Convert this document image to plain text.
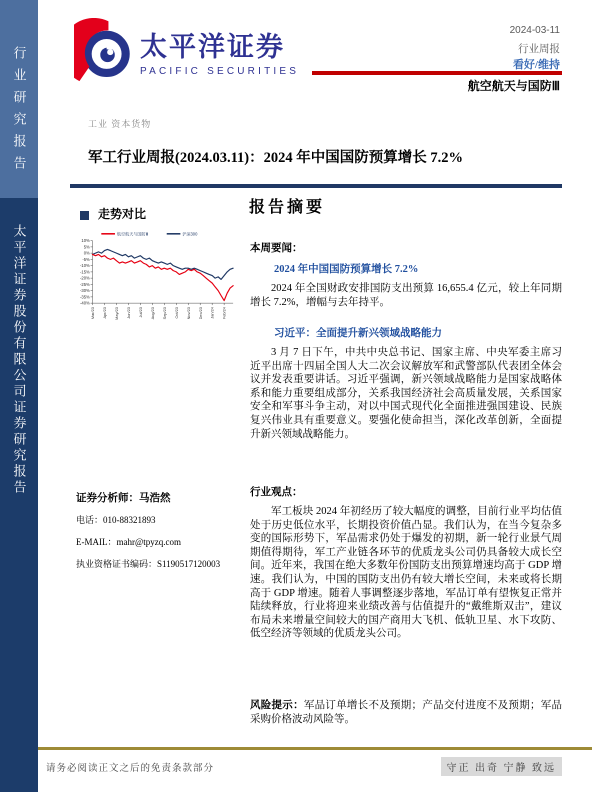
行业研究报告
太平洋证券股份有限公司证券研究报告
太平洋证券
PACIFIC SECURITIES
2024-03-11
行业周报
看好/维持
航空航天与国防Ⅲ
工业 资本货物
军工行业周报(2024.03.11)：2024 年中国国防预算增长 7.2%
走势对比
10%
5%
0%
-5%
-10%
-15%
-20%
-25%
-30%
-35%
-40%
Mar/23 Apr/23 May/23 Jun/23 Jul/23 Aug/23 Sep/23 Oct/23 Nov/23 Dec/23 Jan/24 Feb/24
航空航天与国防Ⅲ	沪深300
证券分析师：马浩然
电话：010-88321893
E-MAIL：mahr@tpyzq.com
执业资格证书编码：S1190517120003
报告摘要
本周要闻：
2024 年中国国防预算增长 7.2%
2024 年全国财政安排国防支出预算 16,655.4 亿元，较上年同期增长 7.2%，增幅与去年持平。
习近平：全面提升新兴领域战略能力
3 月 7 日下午，中共中央总书记、国家主席、中央军委主席习近平出席十四届全国人大二次会议解放军和武警部队代表团全体会议并发表重要讲话。习近平强调，新兴领域战略能力是国家战略体系和能力重要组成部分，关系我国经济社会高质量发展，关系国家安全和军事斗争主动，对以中国式现代化全面推进强国建设、民族复兴伟业具有重要意义。要强化使命担当，深化改革创新，全面提升新兴领域战略能力。
行业观点：
军工板块 2024 年初经历了较大幅度的调整，目前行业平均估值处于历史低位水平，长期投资价值凸显。我们认为，在当今复杂多变的国际形势下，军品需求仍处于爆发的初期，新一轮行业景气周期值得期待，军工产业链各环节的优质龙头公司仍具备较大成长空间。近年来，我国在绝大多数年份国防支出预算增速均高于 GDP 增速。我们认为，中国的国防支出仍有较大增长空间，未来或将长期高于 GDP 增速。随着人事调整逐步落地，军品订单有望恢复正常并陆续释放，行业将迎来业绩改善与估值提升的“戴维斯双击”，建议布局未来增量空间较大的国产商用大飞机、低轨卫星、水下攻防、低空经济等领域的优质龙头公司。
风险提示：军品订单增长不及预期；产品交付进度不及预期；军品采购价格波动风险等。
请务必阅读正文之后的免责条款部分	守正 出奇 宁静 致远
